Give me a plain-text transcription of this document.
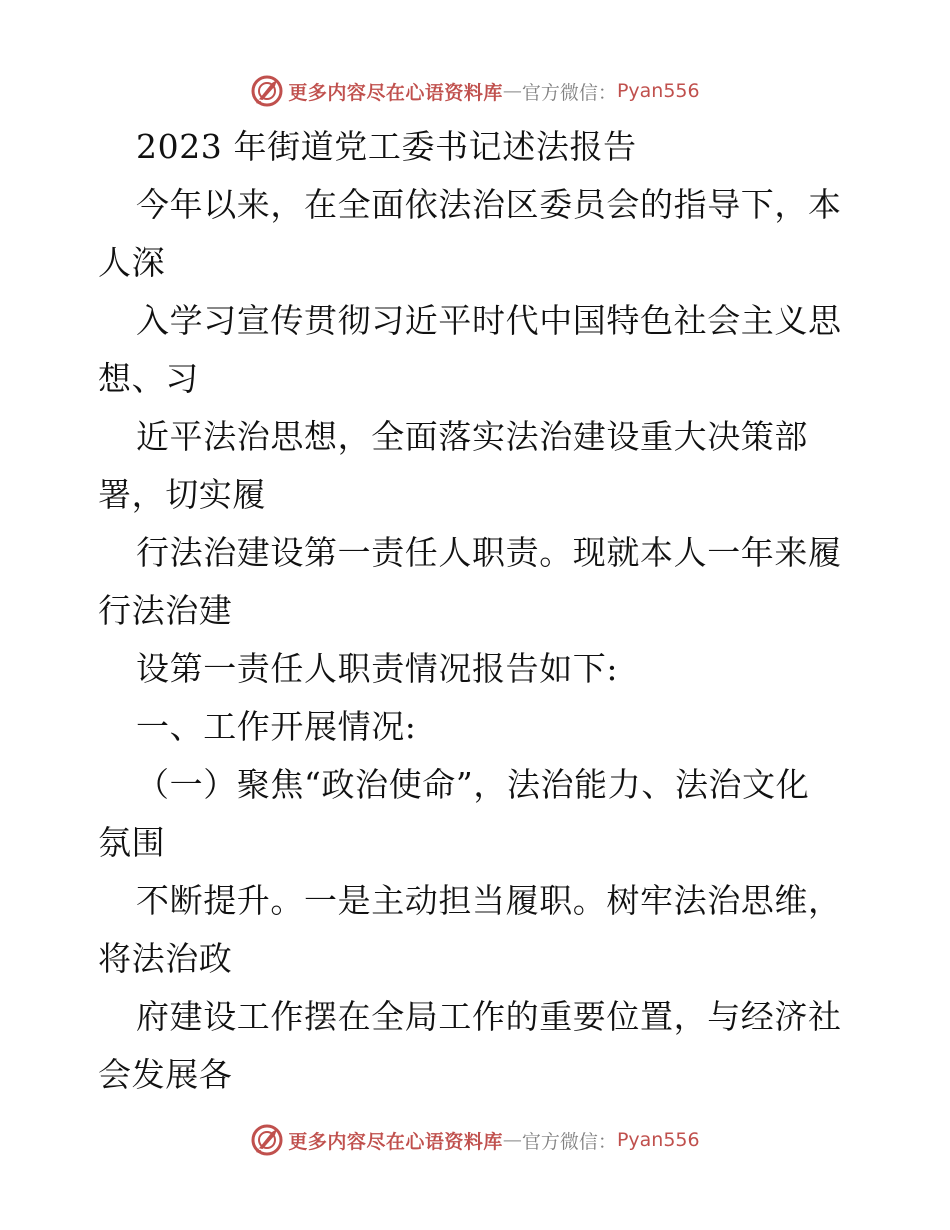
更多内容尽在心语资料库 — 官方微信： Pyan556
2023 年街道党工委书记述法报告
今年以来，在全面依法治区委员会的指导下，本
人深
入学习宣传贯彻习近平时代中国特色社会主义思
想、习
近平法治思想，全面落实法治建设重大决策部
署，切实履
行法治建设第一责任人职责。现就本人一年来履
行法治建
设第一责任人职责情况报告如下:
一、工作开展情况:
（一）聚焦“政治使命”，法治能力、法治文化
氛围
不断提升。一是主动担当履职。树牢法治思维，
将法治政
府建设工作摆在全局工作的重要位置，与经济社
会发展各
更多内容尽在心语资料库 — 官方微信： Pyan556
